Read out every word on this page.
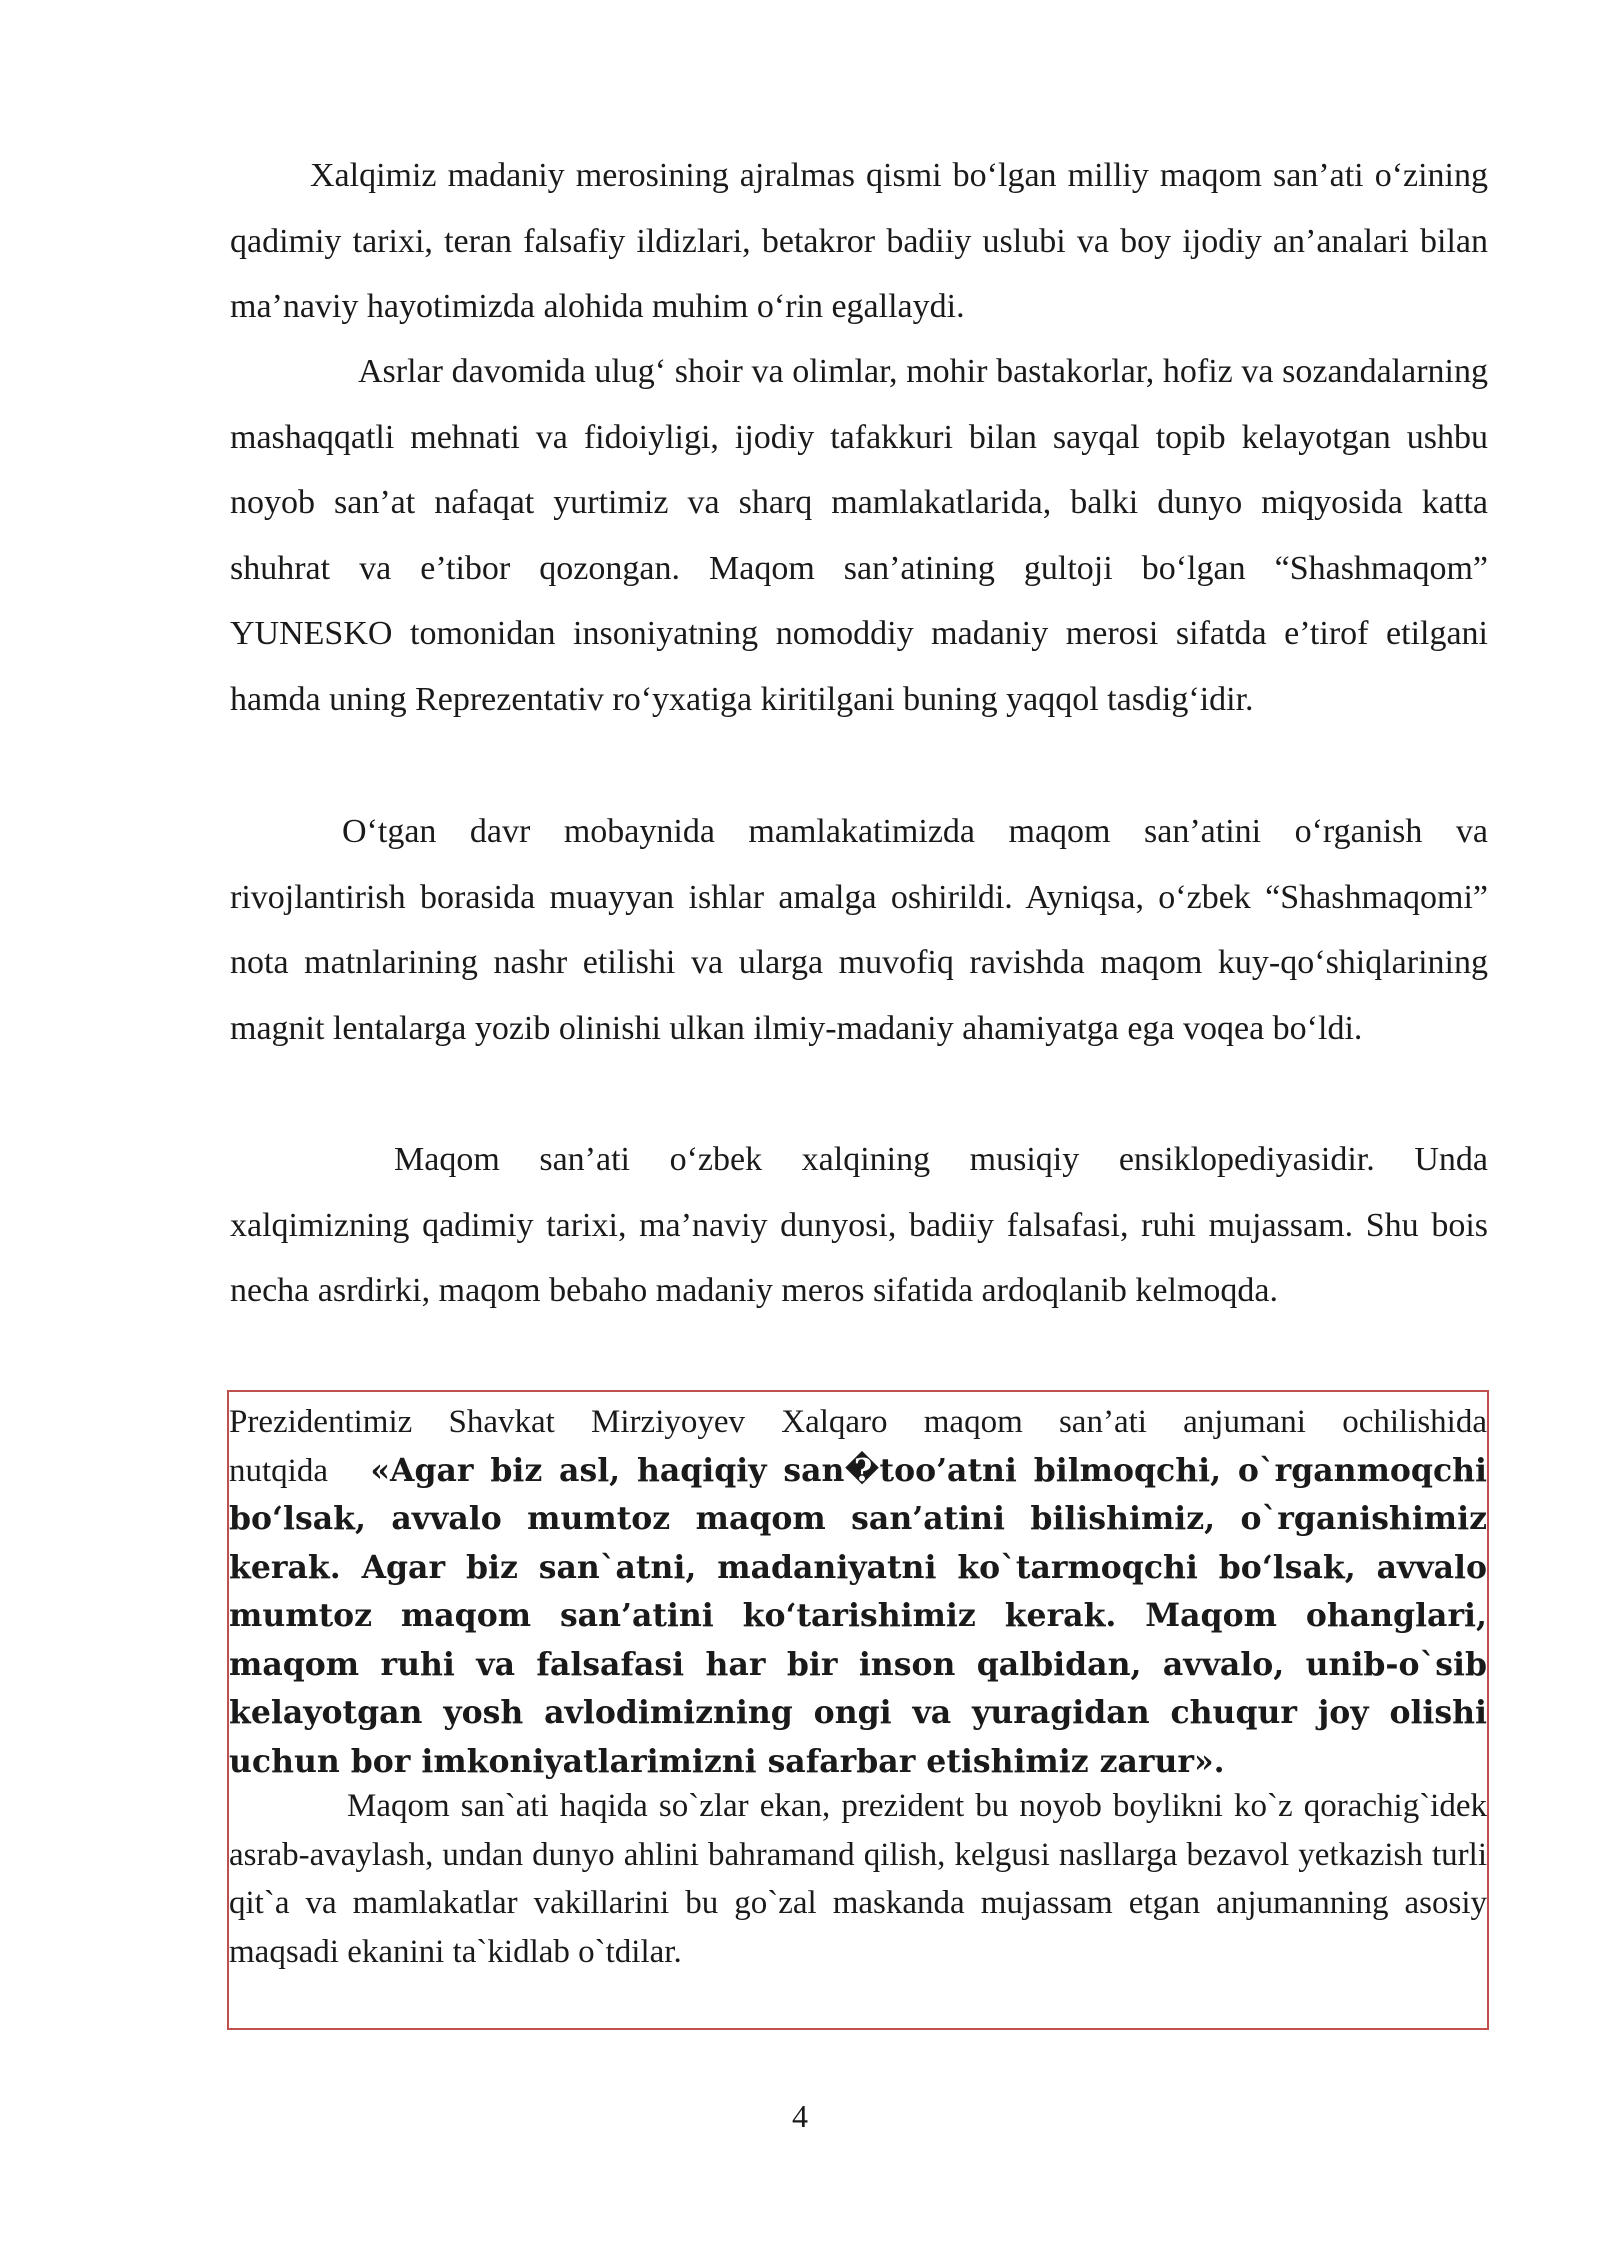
Xalqimiz madaniy merosining ajralmas qismi bo‘lgan milliy maqom san’ati o‘zining qadimiy tarixi, teran falsafiy ildizlari, betakror badiiy uslubi va boy ijodiy an’analari bilan ma’naviy hayotimizda alohida muhim o‘rin egallaydi.
Asrlar davomida ulug‘ shoir va olimlar, mohir bastakorlar, hofiz va sozandalarning mashaqqatli mehnati va fidoiyligi, ijodiy tafakkuri bilan sayqal topib kelayotgan ushbu noyob san’at nafaqat yurtimiz va sharq mamlakatlarida, balki dunyo miqyosida katta shuhrat va e’tibor qozongan. Maqom san’atining gultoji bo‘lgan “Shashmaqom” YUNESKO tomonidan insoniyatning nomoddiy madaniy merosi sifatda e’tirof etilgani hamda uning Reprezentativ ro‘yxatiga kiritilgani buning yaqqol tasdig‘idir.
O‘tgan davr mobaynida mamlakatimizda maqom san’atini o‘rganish va rivojlantirish borasida muayyan ishlar amalga oshirildi. Ayniqsa, o‘zbek “Shashmaqomi” nota matnlarining nashr etilishi va ularga muvofiq ravishda maqom kuy-qo‘shiqlarining magnit lentalarga yozib olinishi ulkan ilmiy-madaniy ahamiyatga ega voqea bo‘ldi.
Maqom san’ati o‘zbek xalqining musiqiy ensiklopediyasidir. Unda xalqimizning qadimiy tarixi, ma’naviy dunyosi, badiiy falsafasi, ruhi mujassam. Shu bois necha asrdirki, maqom bebaho madaniy meros sifatida ardoqlanib kelmoqda.
Prezidentimiz Shavkat Mirziyoyev Xalqaro maqom san’ati anjumani ochilishida nutqida «Agar biz asl, haqiqiy san�too’atni bilmoqchi, o`rganmoqchi bo‘lsak, avvalo mumtoz maqom san’atini bilishimiz, o`rganishimiz kerak. Agar biz san`atni, madaniyatni ko`tarmoqchi bo‘lsak, avvalo mumtoz maqom san’atini ko‘tarishimiz kerak. Maqom ohanglari, maqom ruhi va falsafasi har bir inson qalbidan, avvalo, unib-o`sib kelayotgan yosh avlodimizning ongi va yuragidan chuqur joy olishi uchun bor imkoniyatlarimizni safarbar etishimiz zarur».
Maqom san`ati haqida so`zlar ekan, prezident bu noyob boylikni ko`z qorachig`idek asrab-avaylash, undan dunyo ahlini bahramand qilish, kelgusi nasllarga bezavol yetkazish turli qit`a va mamlakatlar vakillarini bu go`zal maskanda mujassam etgan anjumanning asosiy maqsadi ekanini ta`kidlab o`tdilar.
4
